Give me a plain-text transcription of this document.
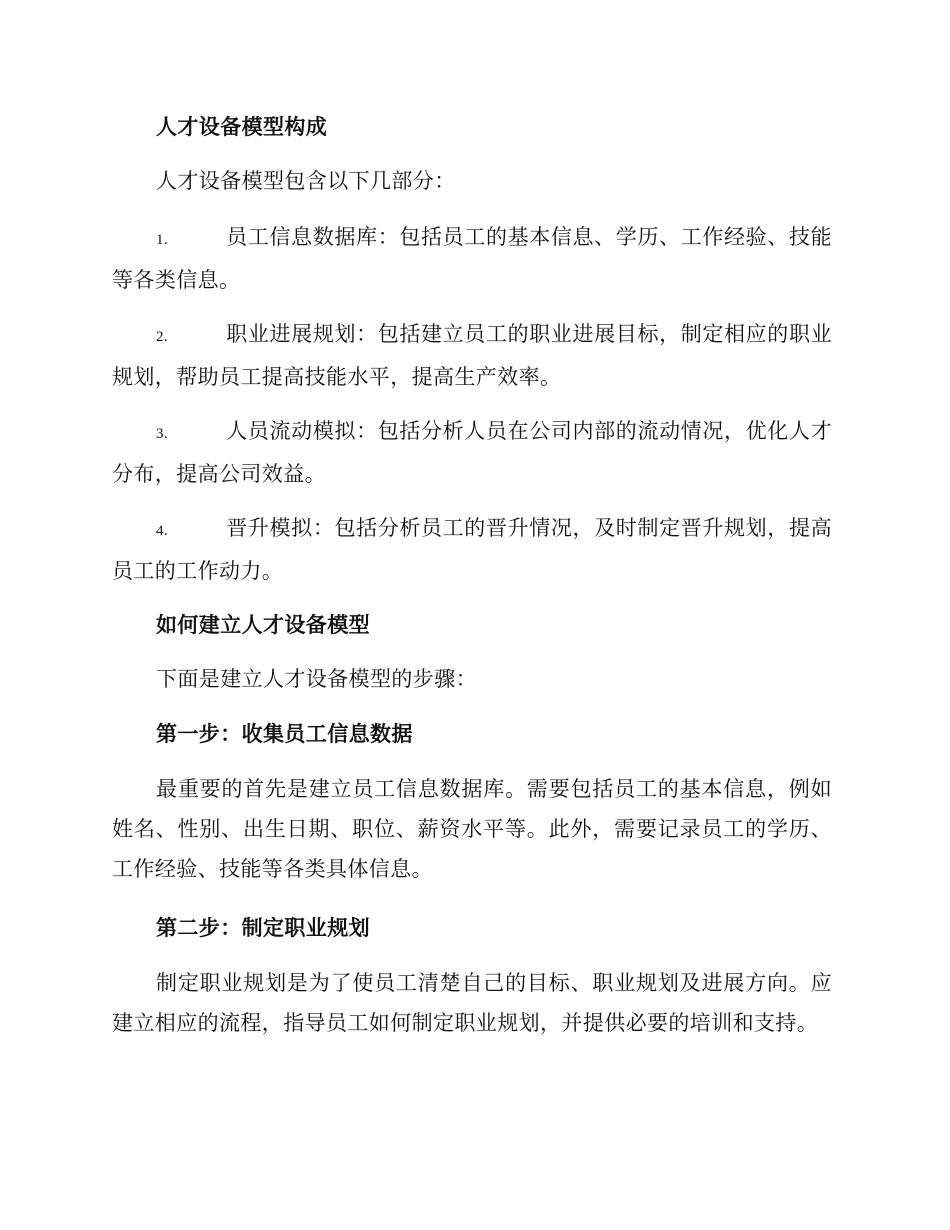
人才设备模型构成
人才设备模型包含以下几部分：
1.	员工信息数据库：包括员工的基本信息、学历、工作经验、技能等各类信息。
2.	职业进展规划：包括建立员工的职业进展目标，制定相应的职业规划，帮助员工提高技能水平，提高生产效率。
3.	人员流动模拟：包括分析人员在公司内部的流动情况，优化人才分布，提高公司效益。
4.	晋升模拟：包括分析员工的晋升情况，及时制定晋升规划，提高员工的工作动力。
如何建立人才设备模型
下面是建立人才设备模型的步骤：
第一步：收集员工信息数据
最重要的首先是建立员工信息数据库。需要包括员工的基本信息，例如姓名、性别、出生日期、职位、薪资水平等。此外，需要记录员工的学历、工作经验、技能等各类具体信息。
第二步：制定职业规划
制定职业规划是为了使员工清楚自己的目标、职业规划及进展方向。应建立相应的流程，指导员工如何制定职业规划，并提供必要的培训和支持。
